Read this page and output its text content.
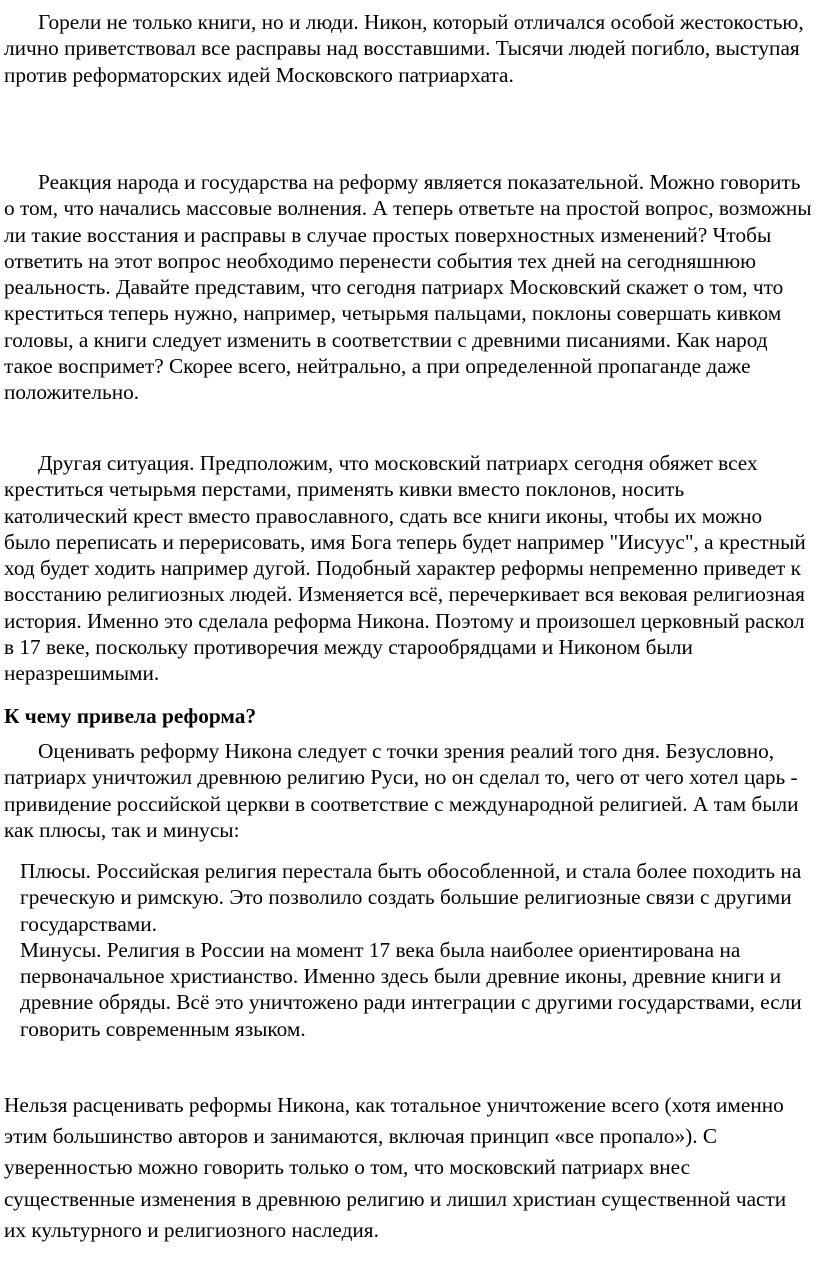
Горели не только книги, но и люди. Никон, который отличался особой жестокостью, лично приветствовал все расправы над восставшими. Тысячи людей погибло, выступая против реформаторских идей Московского патриархата.

Реакция народа и государства на реформу является показательной. Можно говорить о том, что начались массовые волнения. А теперь ответьте на простой вопрос, возможны ли такие восстания и расправы в случае простых поверхностных изменений? Чтобы ответить на этот вопрос необходимо перенести события тех дней на сегодняшнюю реальность. Давайте представим, что сегодня патриарх Московский скажет о том, что креститься теперь нужно, например, четырьмя пальцами, поклоны совершать кивком головы, а книги следует изменить в соответствии с древними писаниями. Как народ такое воспримет? Скорее всего, нейтрально, а при определенной пропаганде даже положительно.

Другая ситуация. Предположим, что московский патриарх сегодня обяжет всех креститься четырьмя перстами, применять кивки вместо поклонов, носить католический крест вместо православного, сдать все книги иконы, чтобы их можно было переписать и перерисовать, имя Бога теперь будет например "Иисуус", а крестный ход будет ходить например дугой. Подобный характер реформы непременно приведет к восстанию религиозных людей. Изменяется всё, перечеркивает вся вековая религиозная история. Именно это сделала реформа Никона. Поэтому и произошел церковный раскол в 17 веке, поскольку противоречия между старообрядцами и Никоном были неразрешимыми.

К чему привела реформа?

Оценивать реформу Никона следует с точки зрения реалий того дня. Безусловно, патриарх уничтожил древнюю религию Руси, но он сделал то, чего от чего хотел царь - привидение российской церкви в соответствие с международной религией. А там были как плюсы, так и минусы:

Плюсы. Российская религия перестала быть обособленной, и стала более походить на греческую и римскую. Это позволило создать большие религиозные связи с другими государствами.
Минусы. Религия в России на момент 17 века была наиболее ориентирована на первоначальное христианство. Именно здесь были древние иконы, древние книги и древние обряды. Всё это уничтожено ради интеграции с другими государствами, если говорить современным языком.

Нельзя расценивать реформы Никона, как тотальное уничтожение всего (хотя именно этим большинство авторов и занимаются, включая принцип «все пропало»). С уверенностью можно говорить только о том, что московский патриарх внес существенные изменения в древнюю религию и лишил христиан существенной части их культурного и религиозного наследия.
